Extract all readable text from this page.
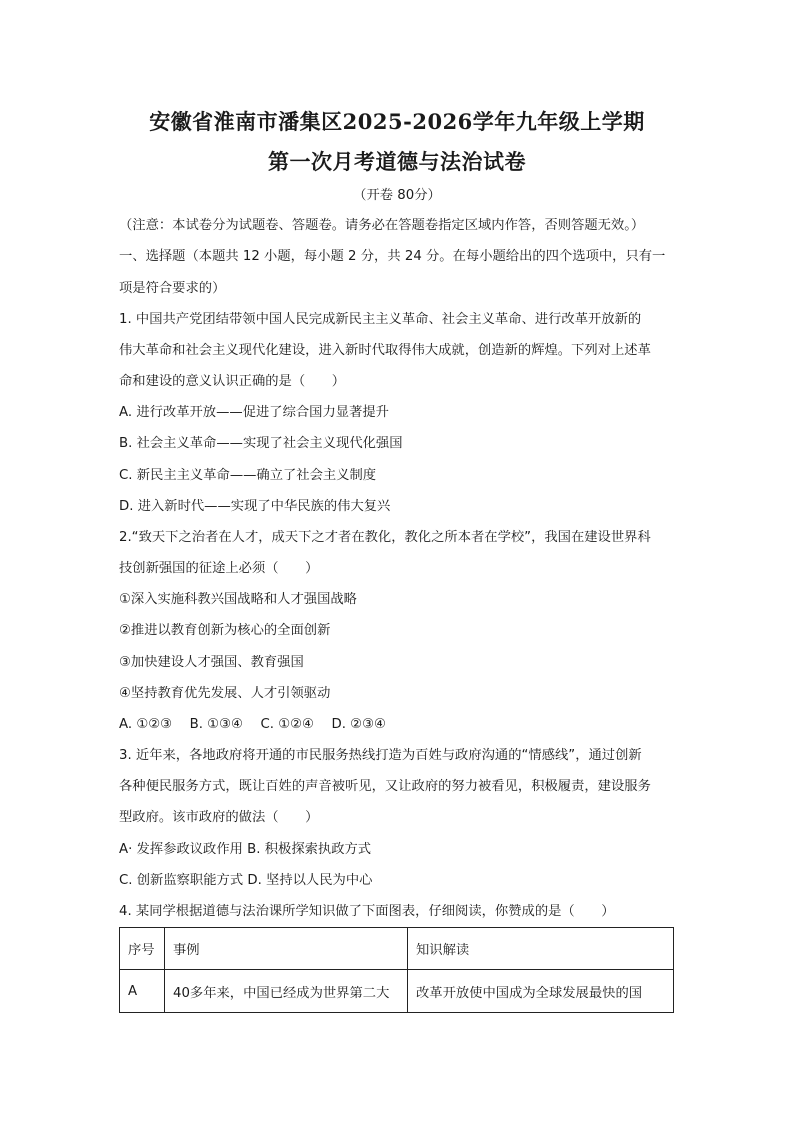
安徽省淮南市潘集区2025-2026学年九年级上学期
第一次月考道德与法治试卷
（开卷 80分）
（注意：本试卷分为试题卷、答题卷。请务必在答题卷指定区域内作答，否则答题无效。）
一、选择题（本题共 12 小题，每小题 2 分，共 24 分。在每小题给出的四个选项中，只有一
项是符合要求的）
1. 中国共产党团结带领中国人民完成新民主主义革命、社会主义革命、进行改革开放新的
伟大革命和社会主义现代化建设，进入新时代取得伟大成就，创造新的辉煌。下列对上述革
命和建设的意义认识正确的是（　　）
A. 进行改革开放——促进了综合国力显著提升
B. 社会主义革命——实现了社会主义现代化强国
C. 新民主主义革命——确立了社会主义制度
D. 进入新时代——实现了中华民族的伟大复兴
2.“致天下之治者在人才，成天下之才者在教化，教化之所本者在学校”，我国在建设世界科
技创新强国的征途上必须（　　）
①深入实施科教兴国战略和人才强国战略
②推进以教育创新为核心的全面创新
③加快建设人才强国、教育强国
④坚持教育优先发展、人才引领驱动
A. ①②③　 B. ①③④　 C. ①②④　 D. ②③④
3. 近年来，各地政府将开通的市民服务热线打造为百姓与政府沟通的“情感线”，通过创新
各种便民服务方式，既让百姓的声音被听见，又让政府的努力被看见，积极履责，建设服务
型政府。该市政府的做法（　　）
A· 发挥参政议政作用 B. 积极探索执政方式
C. 创新监察职能方式 D. 坚持以人民为中心
4. 某同学根据道德与法治课所学知识做了下面图表，仔细阅读，你赞成的是（　　）
序号	事例	知识解读
A	40多年来，中国已经成为世界第二大	改革开放使中国成为全球发展最快的国
